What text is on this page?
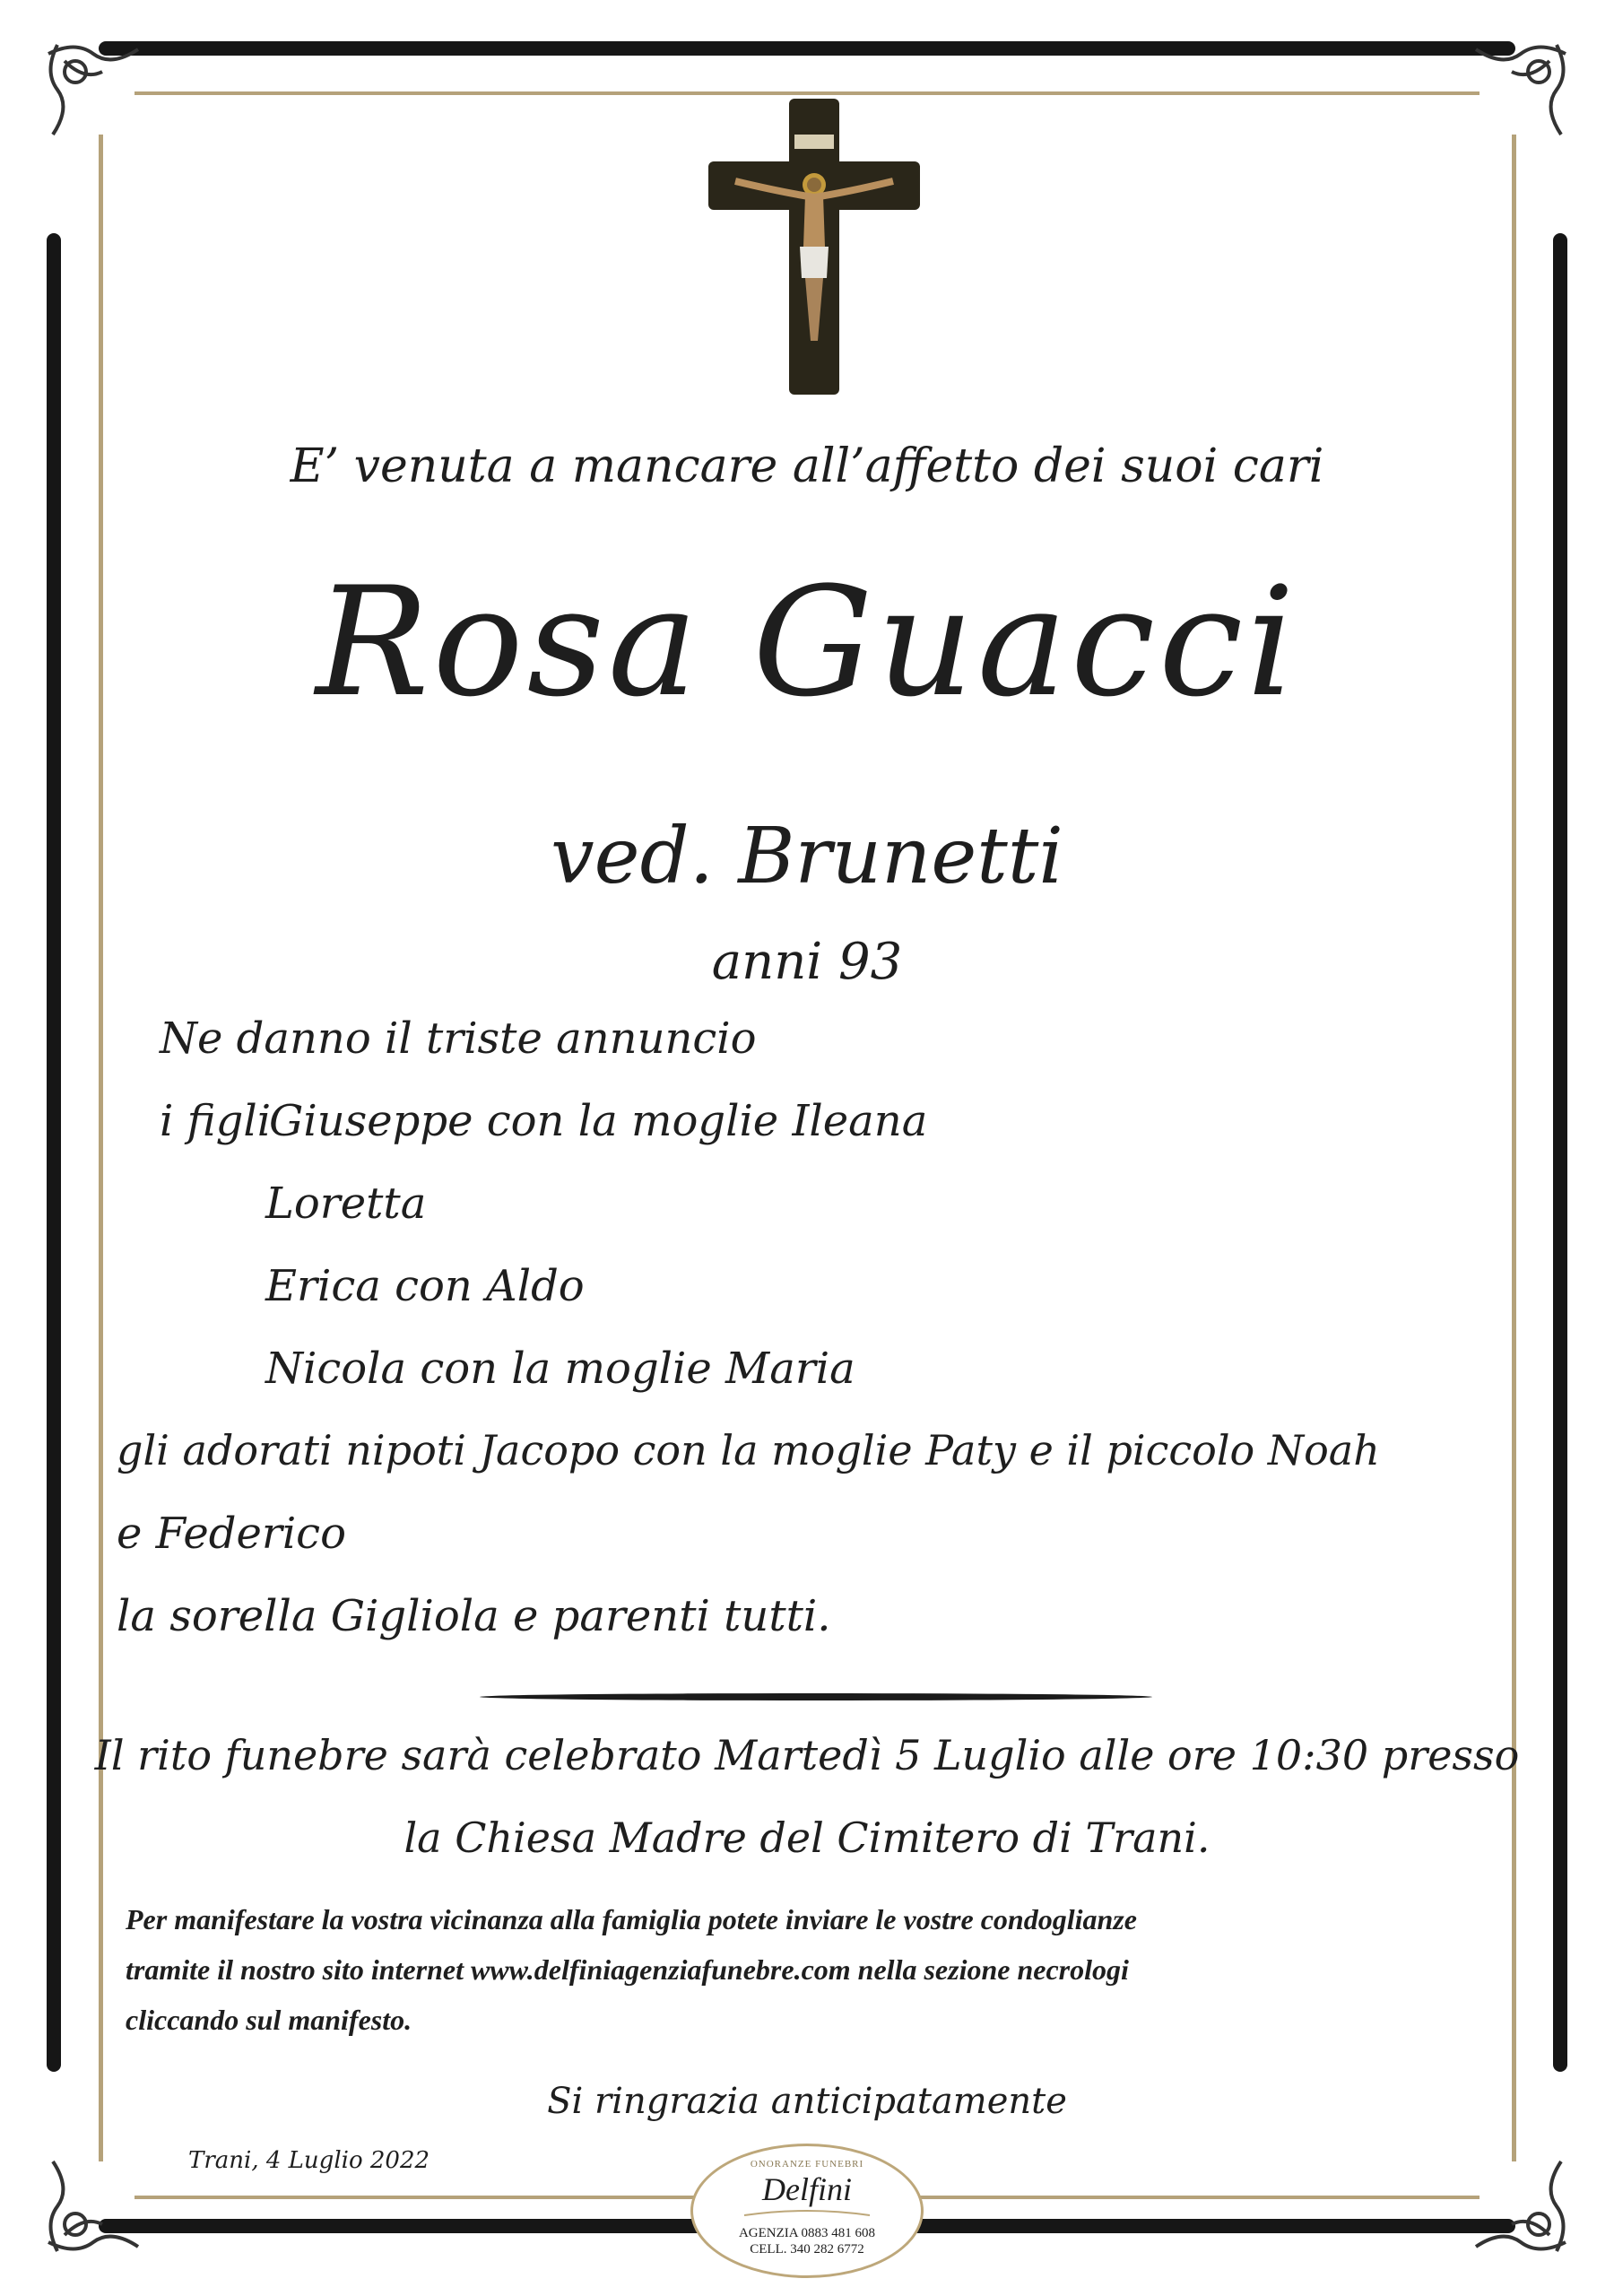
E’ venuta a mancare all’affetto dei suoi cari
Rosa Guacci
ved. Brunetti
anni 93
Ne danno il triste annuncio
i figli
Giuseppe con la moglie Ileana
Loretta
Erica con Aldo
Nicola con la moglie Maria
gli adorati nipoti Jacopo con la moglie Paty e il piccolo Noah
e Federico
la sorella Gigliola e parenti tutti.
Il rito funebre sarà celebrato Martedì 5 Luglio alle ore 10:30 presso
la Chiesa Madre del Cimitero di Trani.
Per manifestare la vostra vicinanza alla famiglia potete inviare le vostre condoglianze
tramite il nostro sito internet www.delfiniagenziafunebre.com nella sezione necrologi
cliccando sul manifesto.
Si ringrazia anticipatamente
Trani, 4 Luglio 2022	ONORANZE FUNEBRI
Delfini
AGENZIA 0883 481 608
CELL. 340 282 6772
